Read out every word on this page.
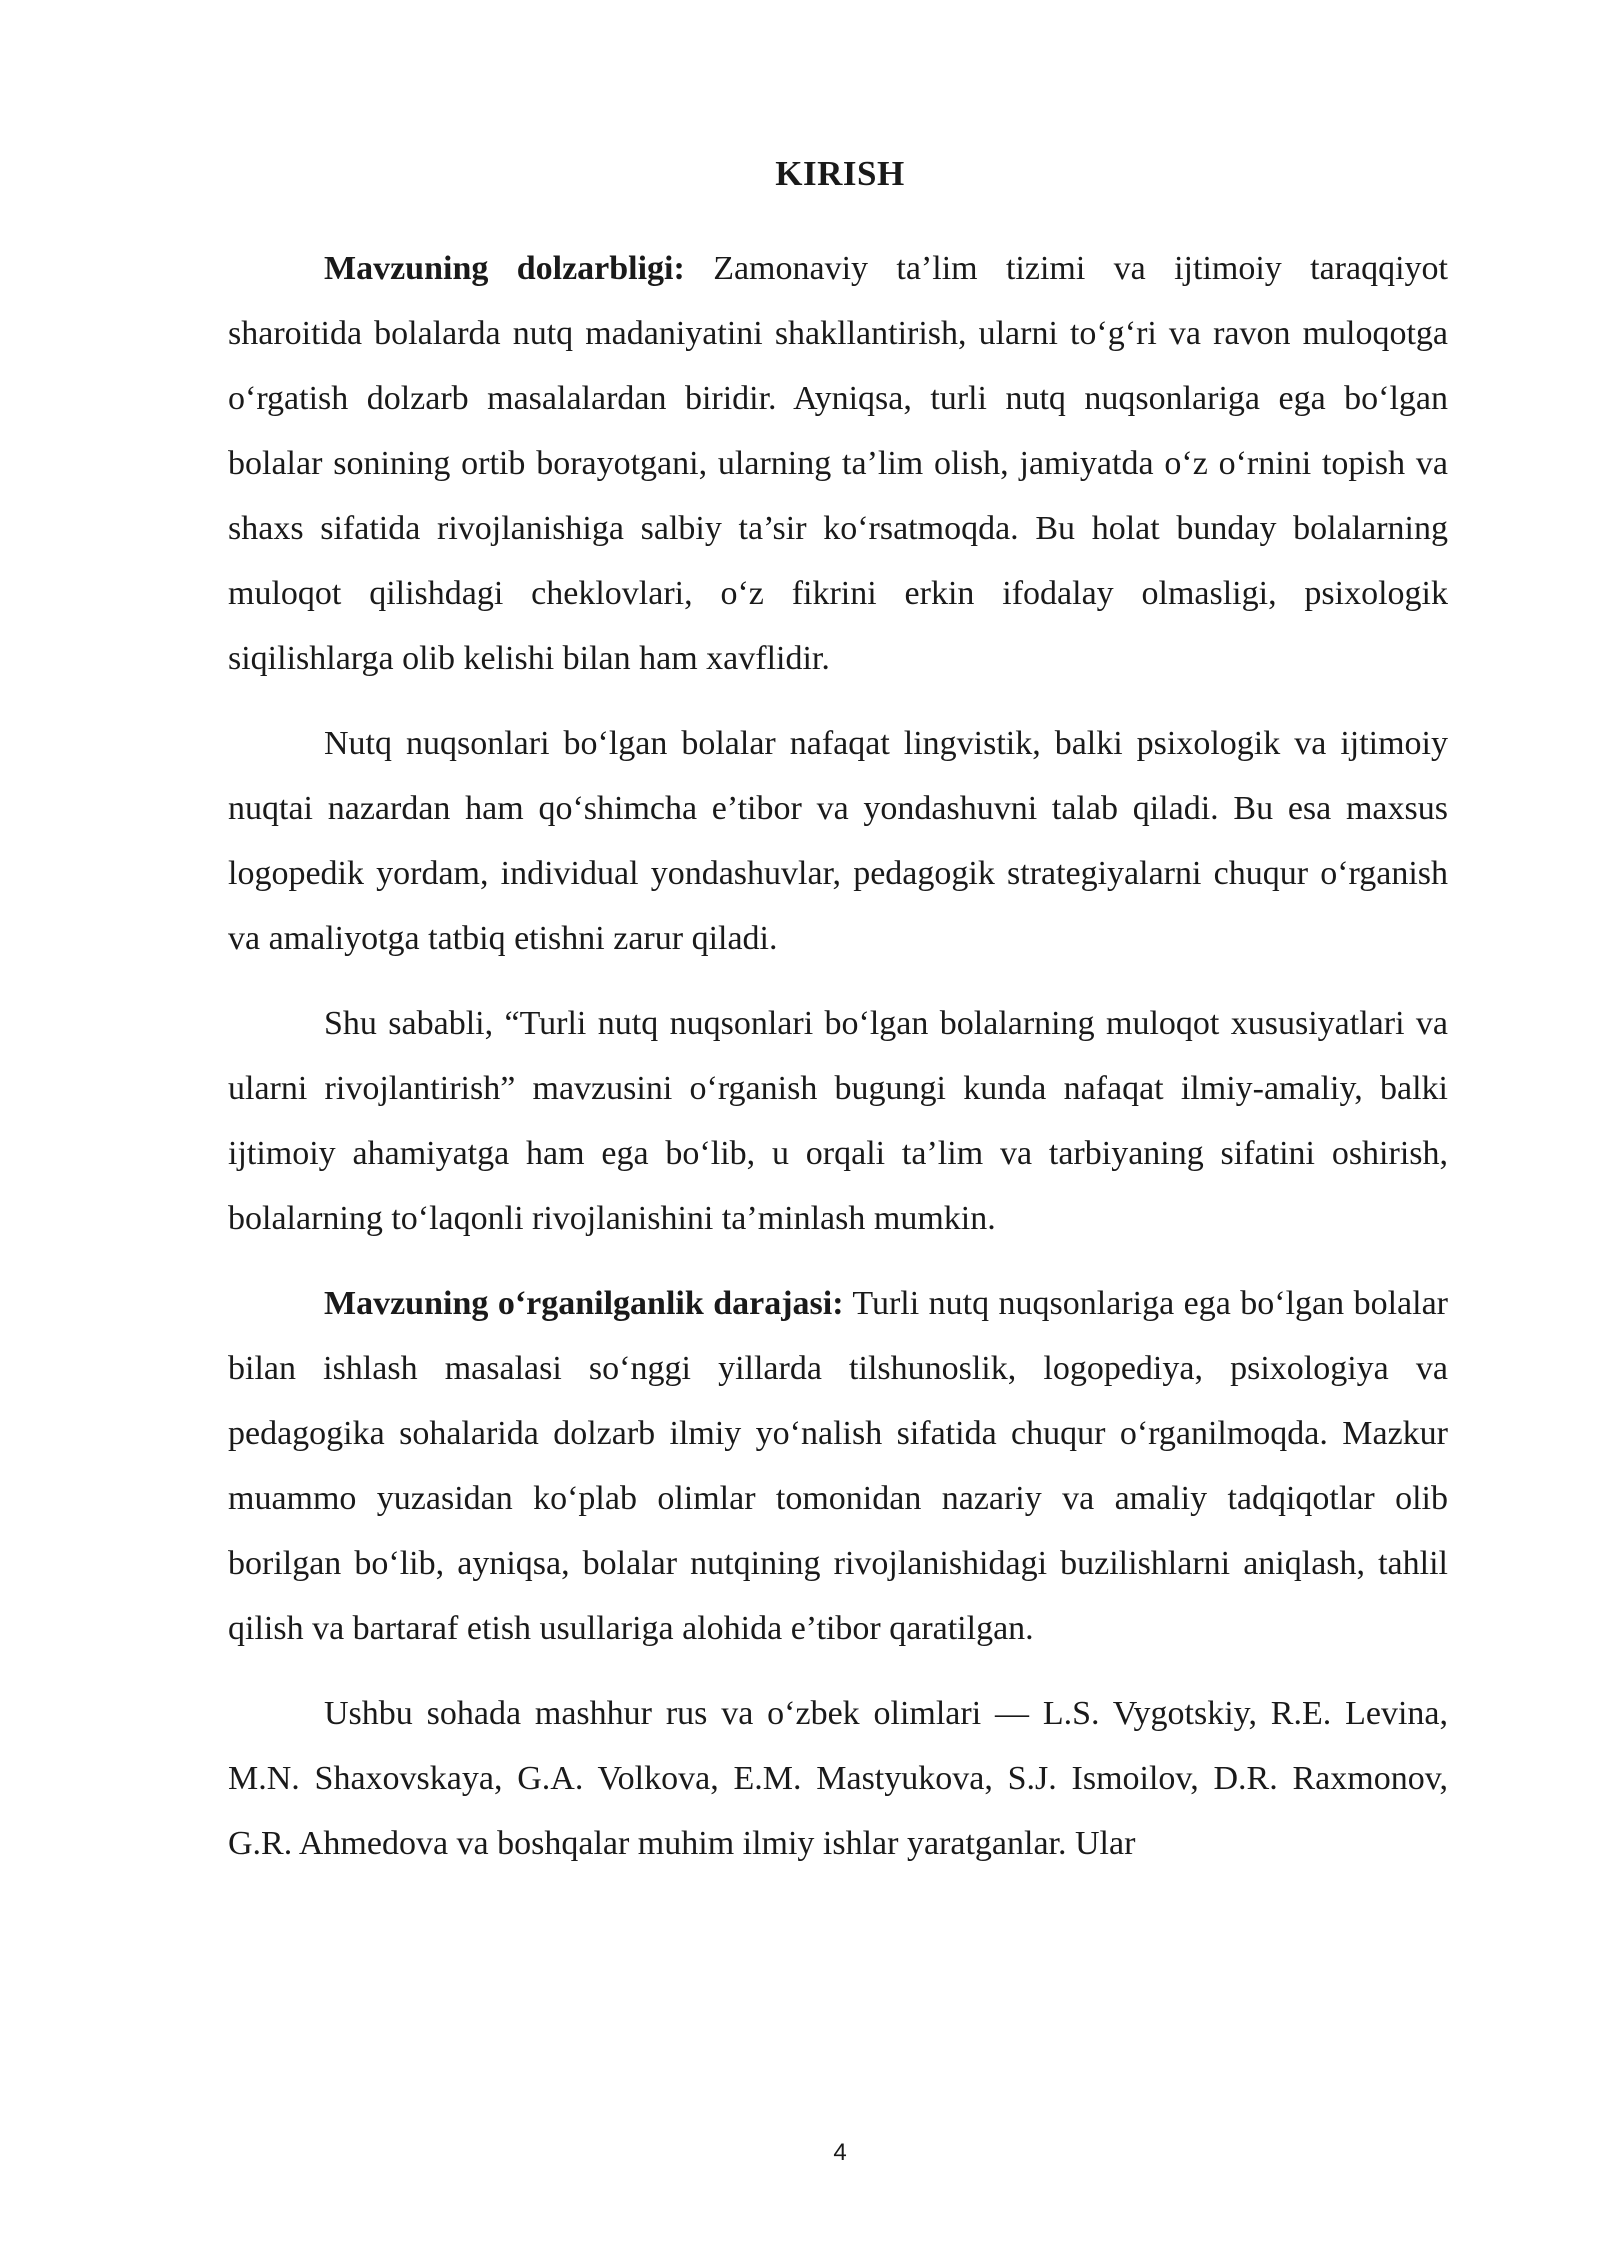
KIRISH

Mavzuning dolzarbligi: Zamonaviy ta’lim tizimi va ijtimoiy taraqqiyot sharoitida bolalarda nutq madaniyatini shakllantirish, ularni to‘g‘ri va ravon muloqotga o‘rgatish dolzarb masalalardan biridir. Ayniqsa, turli nutq nuqsonlariga ega bo‘lgan bolalar sonining ortib borayotgani, ularning ta’lim olish, jamiyatda o‘z o‘rnini topish va shaxs sifatida rivojlanishiga salbiy ta’sir ko‘rsatmoqda. Bu holat bunday bolalarning muloqot qilishdagi cheklovlari, o‘z fikrini erkin ifodalay olmasligi, psixologik siqilishlarga olib kelishi bilan ham xavflidir.

Nutq nuqsonlari bo‘lgan bolalar nafaqat lingvistik, balki psixologik va ijtimoiy nuqtai nazardan ham qo‘shimcha e’tibor va yondashuvni talab qiladi. Bu esa maxsus logopedik yordam, individual yondashuvlar, pedagogik strategiyalarni chuqur o‘rganish va amaliyotga tatbiq etishni zarur qiladi.

Shu sababli, “Turli nutq nuqsonlari bo‘lgan bolalarning muloqot xususiyatlari va ularni rivojlantirish” mavzusini o‘rganish bugungi kunda nafaqat ilmiy-amaliy, balki ijtimoiy ahamiyatga ham ega bo‘lib, u orqali ta’lim va tarbiyaning sifatini oshirish, bolalarning to‘laqonli rivojlanishini ta’minlash mumkin.

Mavzuning o‘rganilganlik darajasi: Turli nutq nuqsonlariga ega bo‘lgan bolalar bilan ishlash masalasi so‘nggi yillarda tilshunoslik, logopediya, psixologiya va pedagogika sohalarida dolzarb ilmiy yo‘nalish sifatida chuqur o‘rganilmoqda. Mazkur muammo yuzasidan ko‘plab olimlar tomonidan nazariy va amaliy tadqiqotlar olib borilgan bo‘lib, ayniqsa, bolalar nutqining rivojlanishidagi buzilishlarni aniqlash, tahlil qilish va bartaraf etish usullariga alohida e’tibor qaratilgan.

Ushbu sohada mashhur rus va o‘zbek olimlari — L.S. Vygotskiy, R.E. Levina, M.N. Shaxovskaya, G.A. Volkova, E.M. Mastyukova, S.J. Ismoilov, D.R. Raxmonov, G.R. Ahmedova va boshqalar muhim ilmiy ishlar yaratganlar. Ular

4
